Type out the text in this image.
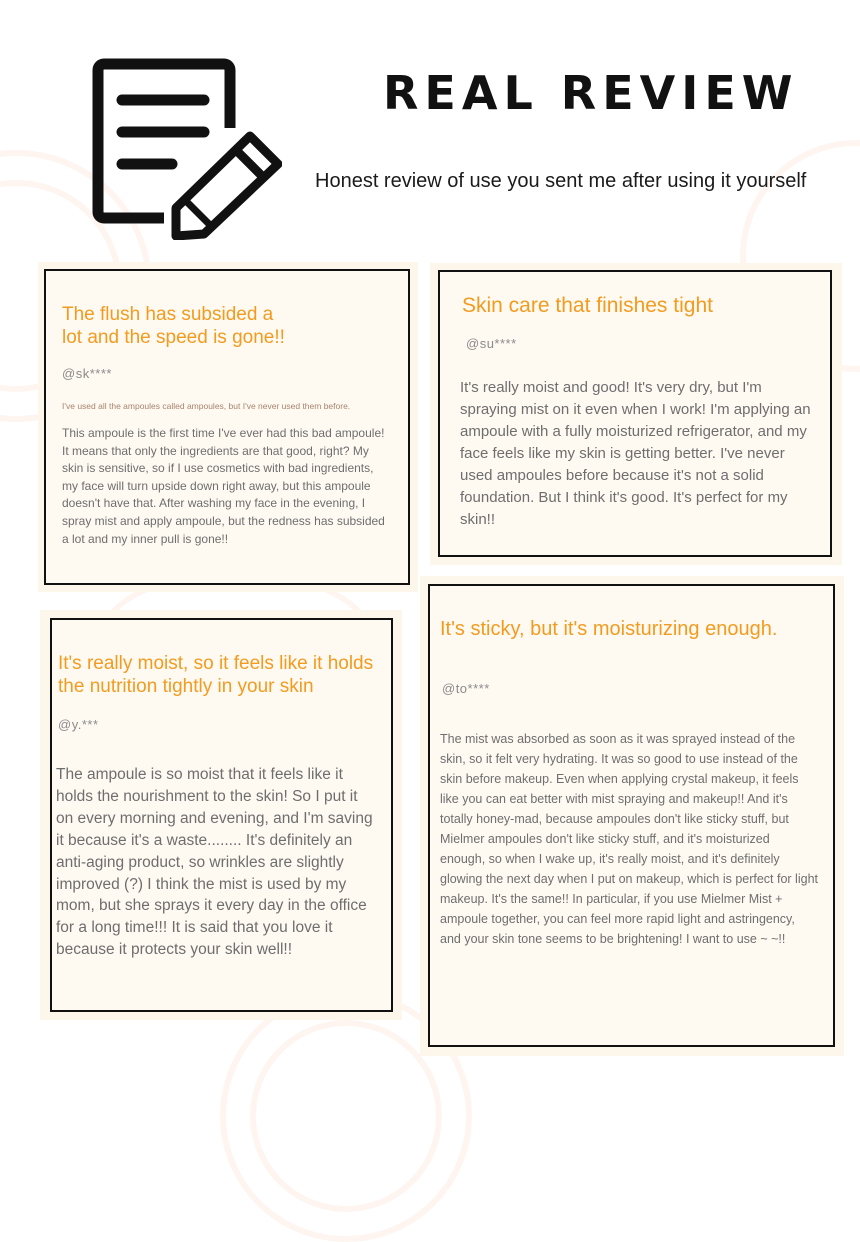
REAL REVIEW
Honest review of use you sent me after using it yourself
The flush has subsided a
lot and the speed is gone!!
@sk****
I've used all the ampoules called ampoules, but I've never used them before.
This ampoule is the first time I've ever had this bad ampoule! It means that only the ingredients are that good, right? My skin is sensitive, so if I use cosmetics with bad ingredients, my face will turn upside down right away, but this ampoule doesn't have that. After washing my face in the evening, I spray mist and apply ampoule, but the redness has subsided a lot and my inner pull is gone!!
Skin care that finishes tight
@su****
It's really moist and good! It's very dry, but I'm spraying mist on it even when I work! I'm applying an ampoule with a fully moisturized refrigerator, and my face feels like my skin is getting better. I've never used ampoules before because it's not a solid foundation. But I think it's good. It's perfect for my skin!!
It's really moist, so it feels like it holds the nutrition tightly in your skin
@y.***
The ampoule is so moist that it feels like it holds the nourishment to the skin! So I put it on every morning and evening, and I'm saving it because it's a waste........ It's definitely an anti-aging product, so wrinkles are slightly improved (?) I think the mist is used by my mom, but she sprays it every day in the office for a long time!!! It is said that you love it because it protects your skin well!!
It's sticky, but it's moisturizing enough.
@to****
The mist was absorbed as soon as it was sprayed instead of the skin, so it felt very hydrating. It was so good to use instead of the skin before makeup. Even when applying crystal makeup, it feels like you can eat better with mist spraying and makeup!! And it's totally honey-mad, because ampoules don't like sticky stuff, but Mielmer ampoules don't like sticky stuff, and it's moisturized enough, so when I wake up, it's really moist, and it's definitely glowing the next day when I put on makeup, which is perfect for light makeup. It's the same!! In particular, if you use Mielmer Mist + ampoule together, you can feel more rapid light and astringency, and your skin tone seems to be brightening! I want to use ~ ~!!
